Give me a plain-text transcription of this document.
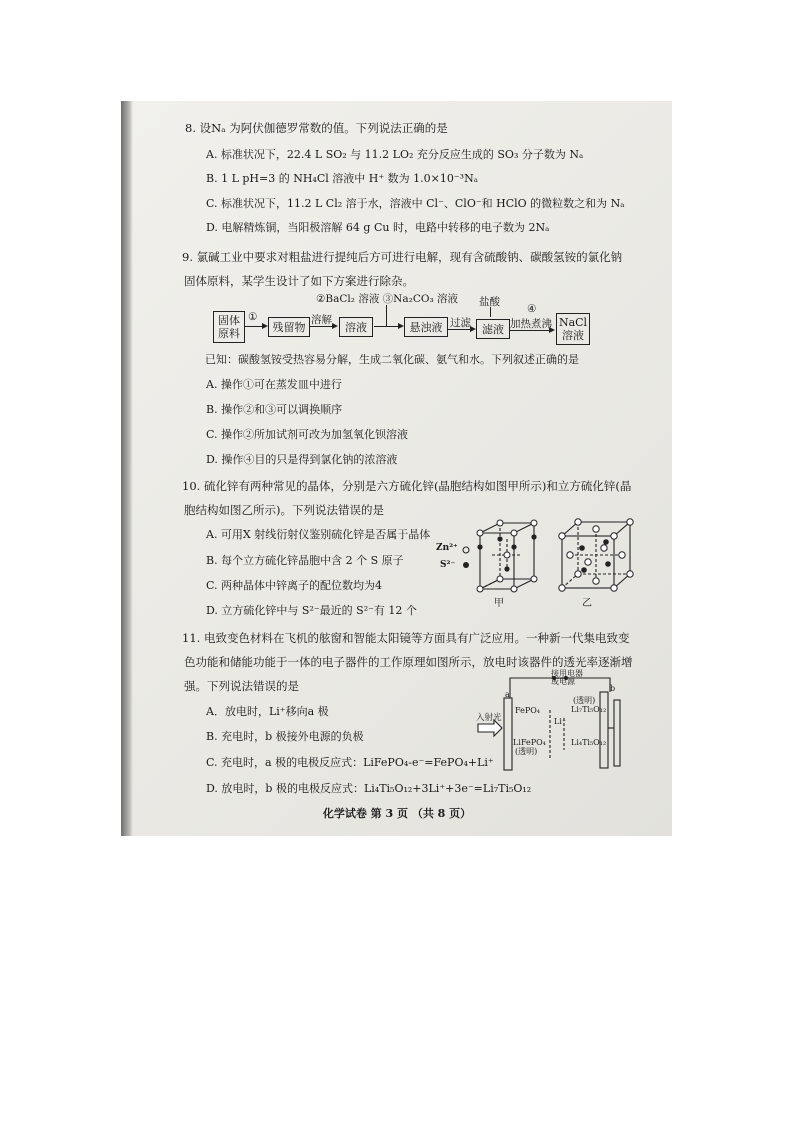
8. 设Nₐ 为阿伏伽德罗常数的值。下列说法正确的是
A. 标准状况下，22.4 L SO₂ 与 11.2 LO₂ 充分反应生成的 SO₃ 分子数为 Nₐ
B. 1 L pH=3 的 NH₄Cl 溶液中 H⁺ 数为 1.0×10⁻³Nₐ
C. 标准状况下，11.2 L Cl₂ 溶于水，溶液中 Cl⁻、ClO⁻和 HClO 的微粒数之和为 Nₐ
D. 电解精炼铜，当阳极溶解 64 g Cu 时，电路中转移的电子数为 2Nₐ
9. 氯碱工业中要求对粗盐进行提纯后方可进行电解，现有含硫酸钠、碳酸氢铵的氯化钠
固体原料，某学生设计了如下方案进行除杂。
②BaCl₂ 溶液 ③Na₂CO₃ 溶液 盐酸
④
固体
原料
①
残留物
溶解
溶液	悬浊液 过滤	滤液 加热煮沸 NaCl
溶液
已知：碳酸氢铵受热容易分解，生成二氧化碳、氨气和水。下列叙述正确的是
A. 操作①可在蒸发皿中进行
B. 操作②和③可以调换顺序
C. 操作②所加试剂可改为加氢氧化钡溶液
D. 操作④目的只是得到氯化钠的浓溶液
10. 硫化锌有两种常见的晶体，分别是六方硫化锌(晶胞结构如图甲所示)和立方硫化锌(晶
胞结构如图乙所示)。下列说法错误的是
A. 可用X 射线衍射仪鉴别硫化锌是否属于晶体
B. 每个立方硫化锌晶胞中含 2 个 S 原子
C. 两种晶体中锌离子的配位数均为4
D. 立方硫化锌中与 S²⁻最近的 S²⁻有 12 个
Zn²⁺
S²⁻
甲	乙
11. 电致变色材料在飞机的舷窗和智能太阳镜等方面具有广泛应用。一种新一代集电致变
色功能和储能功能于一体的电子器件的工作原理如图所示，放电时该器件的透光率逐渐增
强。下列说法错误的是
A．放电时，Li⁺移向a 极
B. 充电时，b 极接外电源的负极
C. 充电时，a 极的电极反应式：LiFePO₄-e⁻=FePO₄+Li⁺
D. 放电时，b 极的电极反应式：Li₄Ti₅O₁₂+3Li⁺+3e⁻=Li₇Ti₅O₁₂
接用电器
或电源
入射光
a
b
FePO₄
LiFePO₄
(透明)
(透明)
Li₇Ti₅O₁₂
Li₄Ti₅O₁₂
Li⁺
化学试卷 第 3 页 （共 8 页）
